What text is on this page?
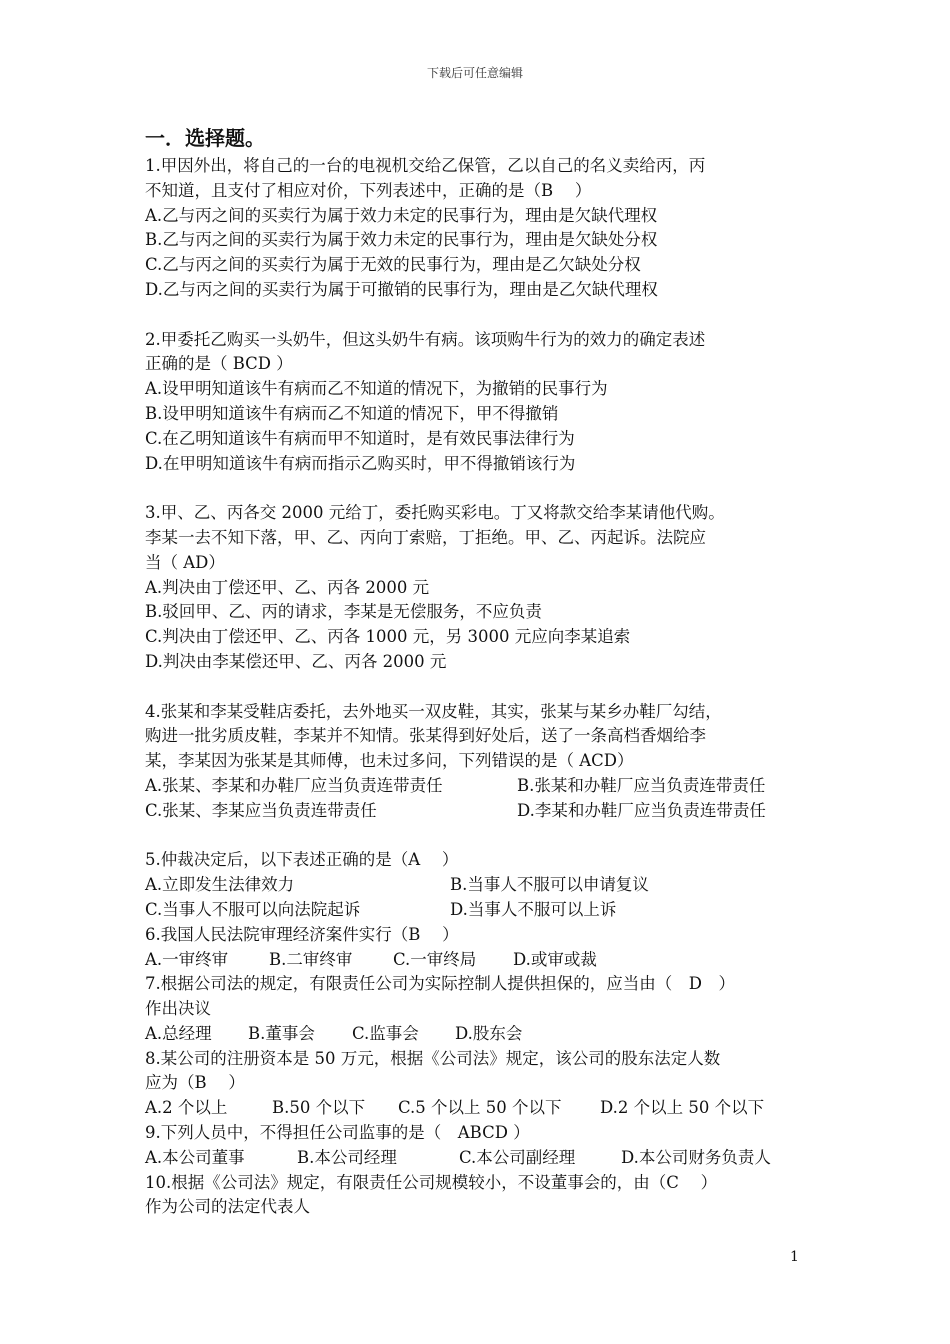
下载后可任意编辑
一．选择题。
1.甲因外出，将自己的一台的电视机交给乙保管，乙以自己的名义卖给丙，丙
不知道，且支付了相应对价，下列表述中，正确的是（B　 ）
A.乙与丙之间的买卖行为属于效力未定的民事行为，理由是欠缺代理权
B.乙与丙之间的买卖行为属于效力未定的民事行为，理由是欠缺处分权
C.乙与丙之间的买卖行为属于无效的民事行为，理由是乙欠缺处分权
D.乙与丙之间的买卖行为属于可撤销的民事行为，理由是乙欠缺代理权
2.甲委托乙购买一头奶牛，但这头奶牛有病。该项购牛行为的效力的确定表述
正确的是（ BCD ）
A.设甲明知道该牛有病而乙不知道的情况下，为撤销的民事行为
B.设甲明知道该牛有病而乙不知道的情况下，甲不得撤销
C.在乙明知道该牛有病而甲不知道时，是有效民事法律行为
D.在甲明知道该牛有病而指示乙购买时，甲不得撤销该行为
3.甲、乙、丙各交 2000 元给丁，委托购买彩电。丁又将款交给李某请他代购。
李某一去不知下落，甲、乙、丙向丁索赔，丁拒绝。甲、乙、丙起诉。法院应
当（ AD）
A.判决由丁偿还甲、乙、丙各 2000 元
B.驳回甲、乙、丙的请求，李某是无偿服务，不应负责
C.判决由丁偿还甲、乙、丙各 1000 元，另 3000 元应向李某追索
D.判决由李某偿还甲、乙、丙各 2000 元
4.张某和李某受鞋店委托，去外地买一双皮鞋，其实，张某与某乡办鞋厂勾结，
购进一批劣质皮鞋，李某并不知情。张某得到好处后，送了一条高档香烟给李
某，李某因为张某是其师傅，也未过多问，下列错误的是（ ACD）
A.张某、李某和办鞋厂应当负责连带责任	B.张某和办鞋厂应当负责连带责任
C.张某、李某应当负责连带责任	D.李某和办鞋厂应当负责连带责任
5.仲裁决定后，以下表述正确的是（A　 ）
A.立即发生法律效力	B.当事人不服可以申请复议
C.当事人不服可以向法院起诉	D.当事人不服可以上诉
6.我国人民法院审理经济案件实行（B　 ）
A.一审终审	B.二审终审	C.一审终局	D.或审或裁
7.根据公司法的规定，有限责任公司为实际控制人提供担保的，应当由（　D　）
作出决议
A.总经理	B.董事会	C.监事会	D.股东会
8.某公司的注册资本是 50 万元，根据《公司法》规定，该公司的股东法定人数
应为（B　 ）
A.2 个以上	B.50 个以下	C.5 个以上 50 个以下	D.2 个以上 50 个以下
9.下列人员中，不得担任公司监事的是（　ABCD ）
A.本公司董事	B.本公司经理	C.本公司副经理	D.本公司财务负责人
10.根据《公司法》规定，有限责任公司规模较小，不设董事会的，由（C　 ）
作为公司的法定代表人
1
